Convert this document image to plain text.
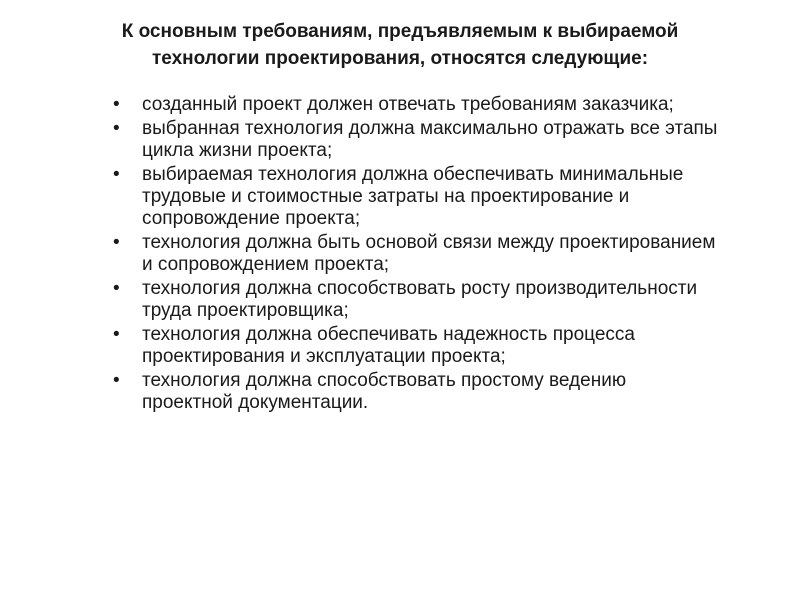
К основным требованиям, предъявляемым к выбираемой
технологии проектирования, относятся следующие:
• созданный проект должен отвечать требованиям заказчика;
• выбранная технология должна максимально отражать все этапы
цикла жизни проекта;
• выбираемая технология должна обеспечивать минимальные
трудовые и стоимостные затраты на проектирование и
сопровождение проекта;
• технология должна быть основой связи между проектированием
и сопровождением проекта;
• технология должна способствовать росту производительности
труда проектировщика;
• технология должна обеспечивать надежность процесса
проектирования и эксплуатации проекта;
• технология должна способствовать простому ведению
проектной документации.
